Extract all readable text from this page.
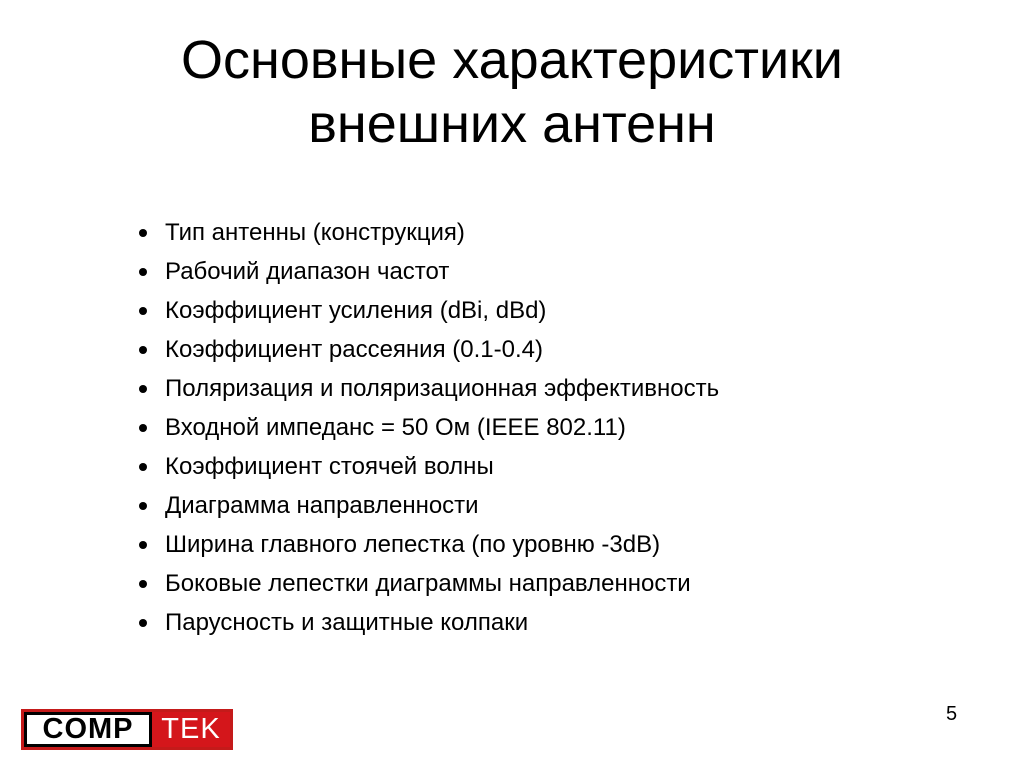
Основные характеристики
внешних антенн
Тип антенны (конструкция)
Рабочий диапазон частот
Коэффициент усиления (dBi, dBd)
Коэффициент рассеяния (0.1-0.4)
Поляризация и поляризационная эффективность
Входной импеданс = 50 Ом (IEEE 802.11)
Коэффициент стоячей волны
Диаграмма направленности
Ширина главного лепестка (по уровню -3dB)
Боковые лепестки диаграммы направленности
Парусность и защитные колпаки
COMP TEK	5
